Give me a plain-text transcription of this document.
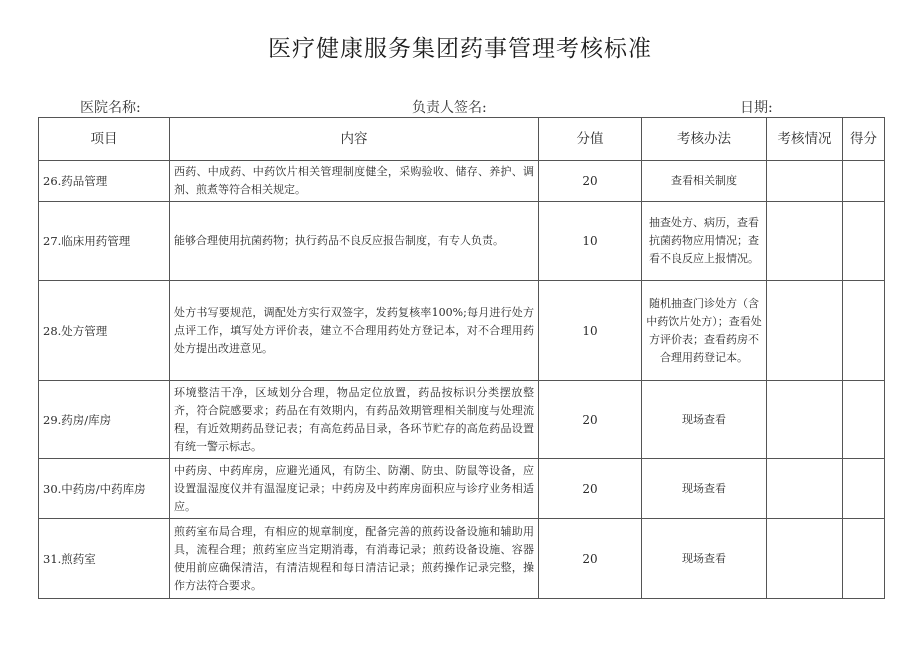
医疗健康服务集团药事管理考核标准
医院名称:	负责人签名:	日期:
项目	内容	分值	考核办法	考核情况	得分
26.药品管理	西药、中成药、中药饮片相关管理制度健全，采购验收、储存、养护、调剂、煎煮等符合相关规定。	20	查看相关制度		
27.临床用药管理	能够合理使用抗菌药物；执行药品不良反应报告制度，有专人负责。	10	抽查处方、病历，查看抗菌药物应用情况；查看不良反应上报情况。		
28.处方管理	处方书写要规范，调配处方实行双签字，发药复核率100%;每月进行处方点评工作，填写处方评价表，建立不合理用药处方登记本，对不合理用药处方提出改进意见。	10	随机抽查门诊处方（含中药饮片处方）；查看处方评价表；查看药房不合理用药登记本。		
29.药房/库房	环境整洁干净，区域划分合理，物品定位放置，药品按标识分类摆放整齐，符合院感要求；药品在有效期内，有药品效期管理相关制度与处理流程，有近效期药品登记表；有高危药品目录，各环节贮存的高危药品设置有统一警示标志。	20	现场查看		
30.中药房/中药库房	中药房、中药库房，应避光通风，有防尘、防潮、防虫、防鼠等设备，应设置温湿度仪并有温湿度记录；中药房及中药库房面积应与诊疗业务相适应。	20	现场查看		
31.煎药室	煎药室布局合理，有相应的规章制度，配备完善的煎药设备设施和辅助用具，流程合理；煎药室应当定期消毒，有消毒记录；煎药设备设施、容器使用前应确保清洁，有清洁规程和每日清洁记录；煎药操作记录完整，操作方法符合要求。	20	现场查看		
